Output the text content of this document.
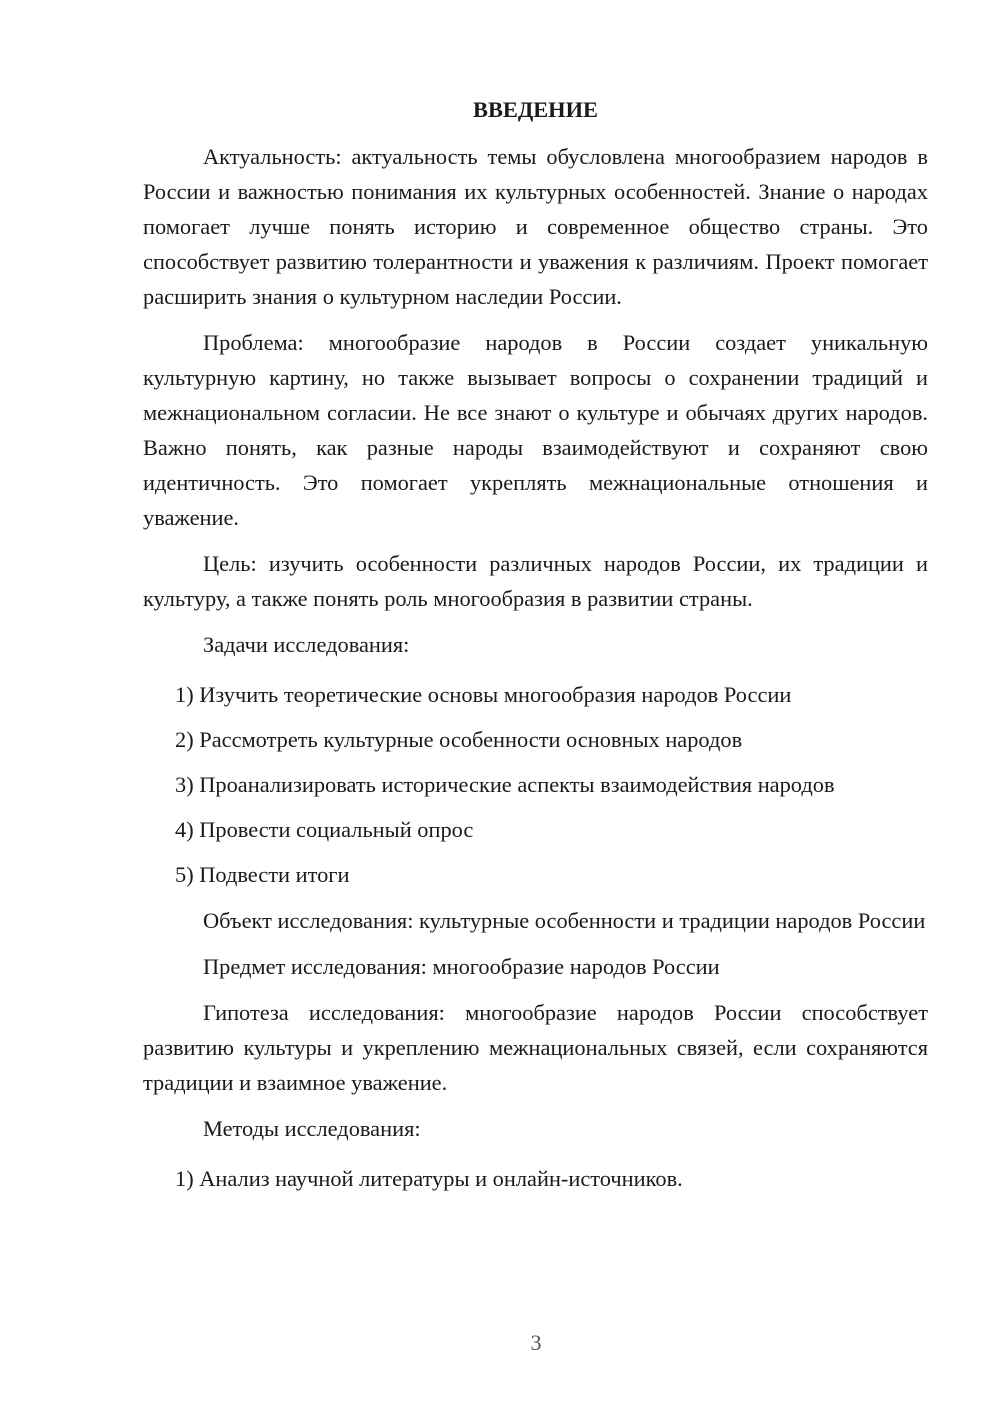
ВВЕДЕНИЕ

Актуальность: актуальность темы обусловлена многообразием народов в России и важностью понимания их культурных особенностей. Знание о народах помогает лучше понять историю и современное общество страны. Это способствует развитию толерантности и уважения к различиям. Проект помогает расширить знания о культурном наследии России.

Проблема: многообразие народов в России создает уникальную культурную картину, но также вызывает вопросы о сохранении традиций и межнациональном согласии. Не все знают о культуре и обычаях других народов. Важно понять, как разные народы взаимодействуют и сохраняют свою идентичность. Это помогает укреплять межнациональные отношения и уважение.

Цель: изучить особенности различных народов России, их традиции и культуру, а также понять роль многообразия в развитии страны.

Задачи исследования:

1) Изучить теоретические основы многообразия народов России
2) Рассмотреть культурные особенности основных народов
3) Проанализировать исторические аспекты взаимодействия народов
4) Провести социальный опрос
5) Подвести итоги

Объект исследования: культурные особенности и традиции народов России

Предмет исследования: многообразие народов России

Гипотеза исследования: многообразие народов России способствует развитию культуры и укреплению межнациональных связей, если сохраняются традиции и взаимное уважение.

Методы исследования:

1) Анализ научной литературы и онлайн-источников.
3
